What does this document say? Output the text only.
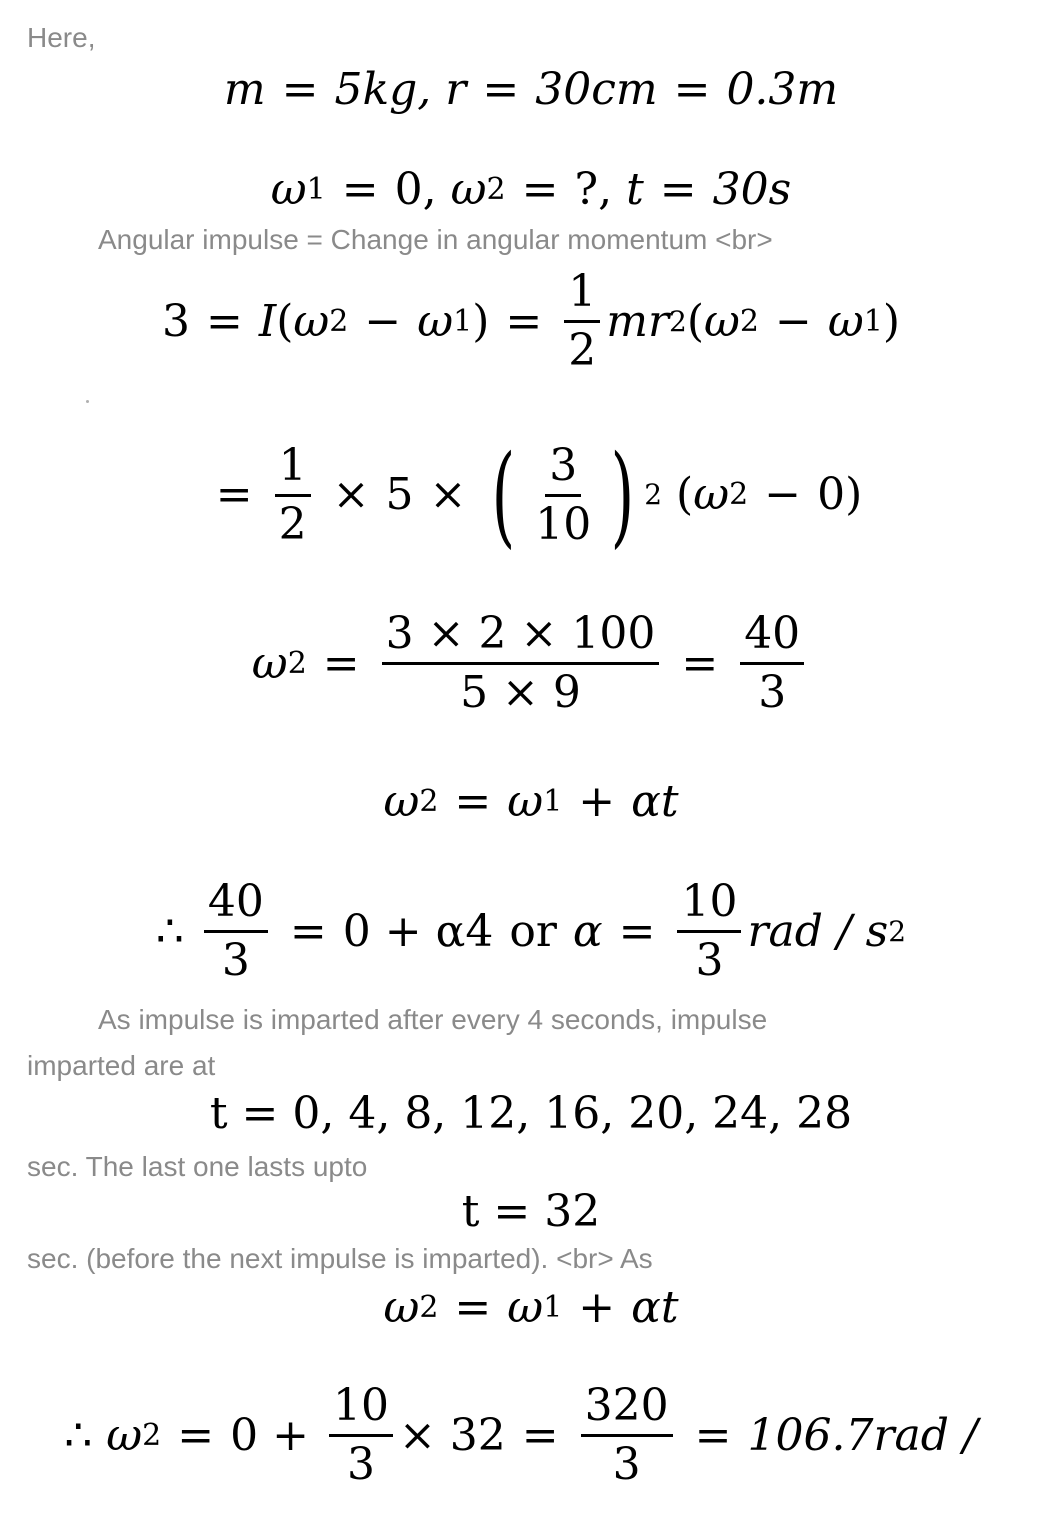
Here,
Angular impulse = Change in angular momentum <br>
As impulse is imparted after every 4 seconds, impulse
imparted are at
sec. The last one lasts upto
sec. (before the next impulse is imparted). <br> As
m = 5kg,
r = 30cm = 0.3m
ω 1 = 0,
ω 2 = ?,
t = 30s
3 = I ( ω 2 − ω 1 ) = $\frac{1}{2}$ mr 2 ( ω 2 − ω 1 )
= $\frac{1}{2} \times 5$ × ( $\frac{3}{10}$ ) 2 ( ω 2 − 0 )
ω $2 = \frac{3 \times 2 \times 100}{5 \times 9} = \frac{40}{3}$
ω 2 = ω 1 + αt
∴
$\frac{40}{3} = 0 + \alpha 4$ or $\alpha = \frac{10}{3}$ rad / s 2
t = 0, 4, 8, 12, 16, 20, 24, 28
t = 32
ω 2 = ω 1 + αt
∴
ω 2 = 0 +
$\frac{10}{3} \times 32 = \frac{320}{3} = 106.7rad$ /
